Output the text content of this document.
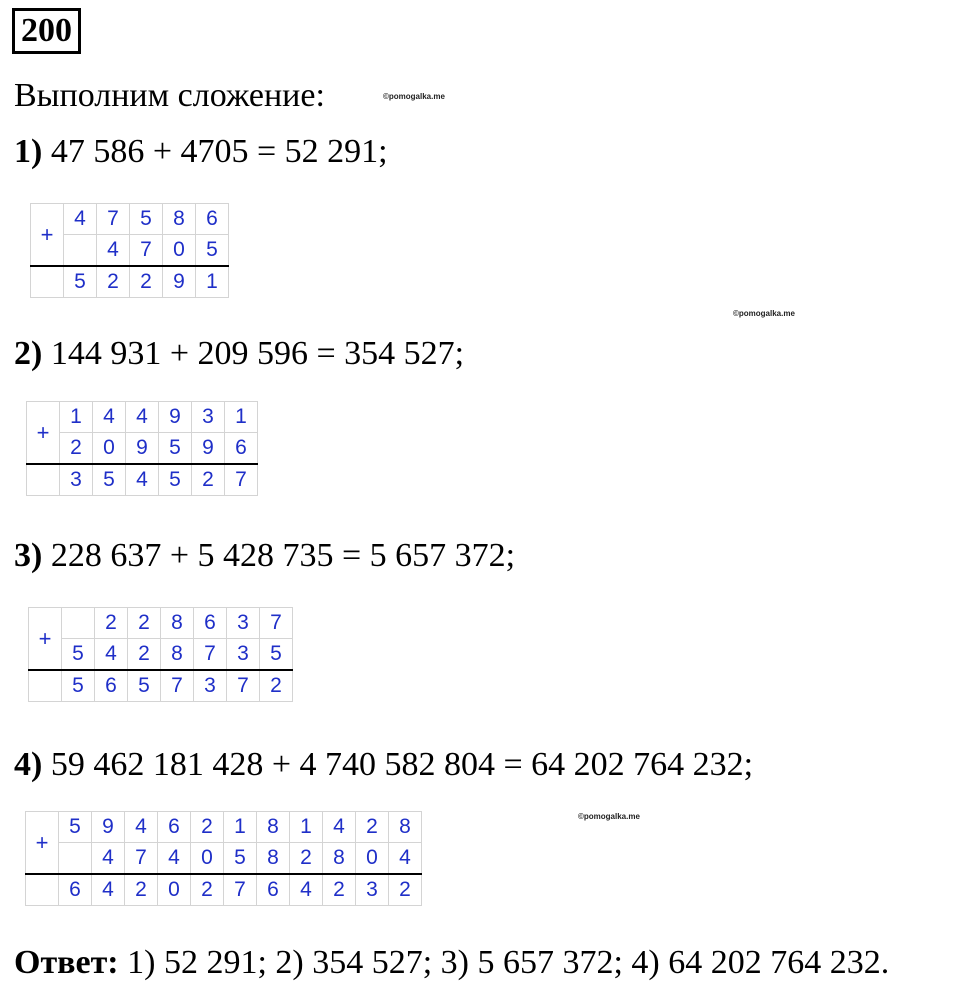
200
Выполним сложение:	©pomogalka.me
1) 47 586 + 4705 = 52 291;
+	4	7	5	8	6
		4	7	0	5
	5	2	2	9	1
©pomogalka.me
2) 144 931 + 209 596 = 354 527;
+	1	4	4	9	3	1
	2	0	9	5	9	6
	3	5	4	5	2	7
3) 228 637 + 5 428 735 = 5 657 372;
+		2	2	8	6	3	7
	5	4	2	8	7	3	5
	5	6	5	7	3	7	2
4) 59 462 181 428 + 4 740 582 804 = 64 202 764 232;
©pomogalka.me
+	5	9	4	6	2	1	8	1	4	2	8
		4	7	4	0	5	8	2	8	0	4
	6	4	2	0	2	7	6	4	2	3	2
Ответ: 1) 52 291; 2) 354 527; 3) 5 657 372; 4) 64 202 764 232.
